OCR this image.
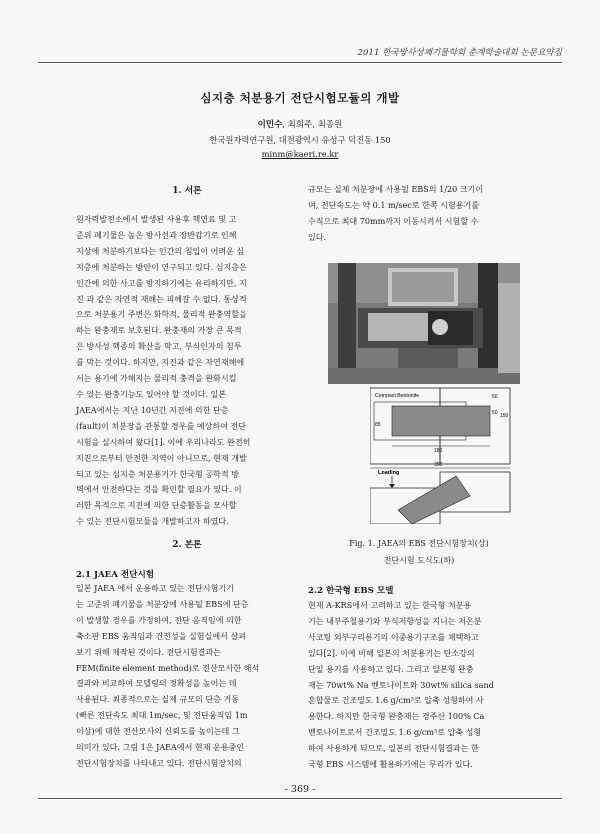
2011 한국방사성폐기물학회 춘계학술대회 논문요약집
심지층 처분용기 전단시험모듈의 개발
이민수, 최희주, 최종원
한국원자력연구원, 대전광역시 유성구 덕진동 150
minm@kaeri.re.kr
1. 서론
원자력발전소에서 발생된 사용후 핵연료 및 고
준위 폐기물은 높은 방사선과 장반감기로 인해
지상에 처분하기보다는 인간의 침입이 어려운 심
지층에 처분하는 방안이 연구되고 있다. 심지층은
인간에 의한 사고를 방지하기에는 유리하지만, 지
진 과 같은 자연적 재해는 피해갈 수 없다. 통상적
으로 처분용기 주변은 화학적, 물리적 완충역할을
하는 완충재로 보호된다. 완충재의 가장 큰 목적
은 방사성 핵종의 확산을 막고, 부식인자의 침투
를 막는 것이다. 하지만, 지진과 같은 자연재해에
서는 용기에 가해지는 물리적 충격을 완화시킬
수 있는 완충기능도 있어야 할 것이다. 일본
JAEA에서는 지난 10년간 지진에 의한 단층
(fault)이 처분장을 관통할 경우를 예상하여 전단
시험을 실시하여 왔다[1]. 이에 우리나라도 완전히
지진으로부터 안전한 지역이 아니므로, 현재 개발
되고 있는 심지층 처분용기가 한국형 공학적 방
벽에서 안전하다는 것을 확인할 필요가 있다. 이
러한 목적으로 지진에 의한 단층활동을 모사할
수 있는 전단시험모듈을 개발하고자 하였다.
2. 본론
2.1 JAEA 전단시험
일본 JAEA 에서 운용하고 있는 전단시험기기
는 고준위 폐기물을 처분장에 사용될 EBS에 단층
이 발생할 경우를 가정하여, 전단 음직임에 의한
축소판 EBS 움직임과 건전성을 실험실에서 살펴
보기 위해 제작된 것이다. 전단시험결과는
FEM(finite element method)로 전산모사한 해석
결과와 비교하여 모델링의 정확성을 높이는 데
사용된다. 최종적으로는 실제 규모의 단층 거동
(빠른 전단속도 최대 1m/sec, 및 전단움직임 1m
이상)에 대한 전산모사의 신뢰도를 높이는데 그
의미가 있다. 그림 1은 JAEA에서 현재 운용중인
전단시험장치를 나타내고 있다. 전단시험장치의
규모는 실제 처분장에 사용될 EBS의 1/20 크기이
며, 전단속도는 약 0.1 m/sec로 한쪽 시험용기를
수직으로 최대 70mm까지 이동시켜서 시험할 수
있다.
Compact Bentonite	50
50 150
85
180
350
Loading
Fig. 1. JAEA의 EBS 전단시험장치(상)
전단시험 도식도(하)
2.2 한국형 EBS 모델
현재 A-KRS에서 고려하고 있는 한국형 처분용
기는 내부주철용기와 부식저항성을 지니는 저온분
사코팅 외부구리용기의 이중용기구조를 채택하고
있다[2]. 이에 비해 일본의 처분용기는 탄소강의
단일 용기를 사용하고 있다. 그리고 일본형 완충
재는 70wt% Na 벤토나이트와 30wt% silica sand
혼합물로 건조밀도 1.6 g/cm³로 압축 성형하여 사
용한다. 하지만 한국형 완충재는 경주산 100% Ca
벤토나이트로서 건조밀도 1.6 g/cm³로 압축 성형
하여 사용하게 되므로, 일본의 전단시험결과는 한
국형 EBS 시스템에 활용하기에는 무리가 있다.
- 369 -
